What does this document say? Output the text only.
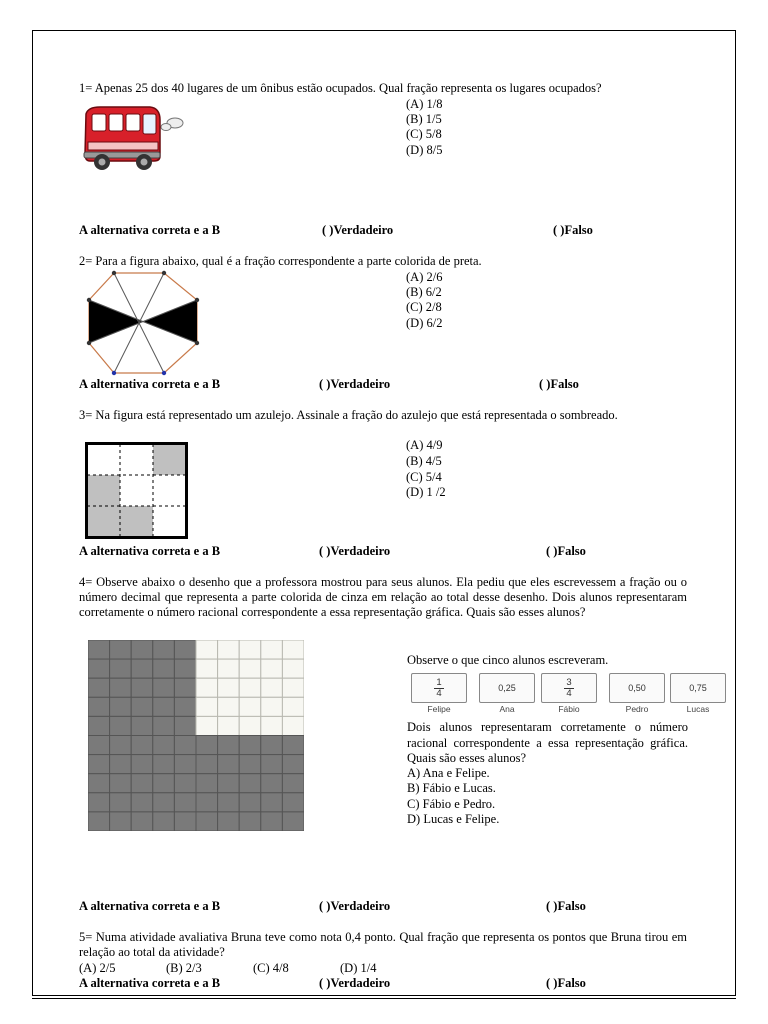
1= Apenas 25 dos 40 lugares de um ônibus estão ocupados. Qual fração representa os lugares ocupados?
(A) 1/8
(B) 1/5
(C) 5/8
(D) 8/5
A alternativa correta e a B	( )Verdadeiro	( )Falso
2= Para a figura abaixo, qual é a fração correspondente a parte colorida de preta.
(A) 2/6
(B) 6/2
(C) 2/8
(D) 6/2
A alternativa correta e a B	( )Verdadeiro	( )Falso
3= Na figura está representado um azulejo. Assinale a fração do azulejo que está representada o sombreado.
(A) 4/9
(B) 4/5
(C) 5/4
(D) 1 /2
A alternativa correta e a B	( )Verdadeiro	( )Falso
4= Observe abaixo o desenho que a professora mostrou para seus alunos. Ela pediu que eles escrevessem a fração ou o número decimal que representa a parte colorida de cinza em relação ao total desse desenho. Dois alunos representaram corretamente o número racional correspondente a essa representação gráfica. Quais são esses alunos?
Observe o que cinco alunos escreveram.
$\frac{1}{4}$
Felipe
0,25
Ana
$\frac{3}{4}$
Fábio
0,50
Pedro
0,75
Lucas
Dois alunos representaram corretamente o número racional correspondente a essa representação gráfica. Quais são esses alunos?
A) Ana e Felipe.
B) Fábio e Lucas.
C) Fábio e Pedro.
D) Lucas e Felipe.
A alternativa correta e a B	( )Verdadeiro	( )Falso
5= Numa atividade avaliativa Bruna teve como nota 0,4 ponto. Qual fração que representa os pontos que Bruna tirou em relação ao total da atividade?
(A) 2/5	(B) 2/3	(C) 4/8	(D) 1/4
A alternativa correta e a B	( )Verdadeiro	( )Falso
